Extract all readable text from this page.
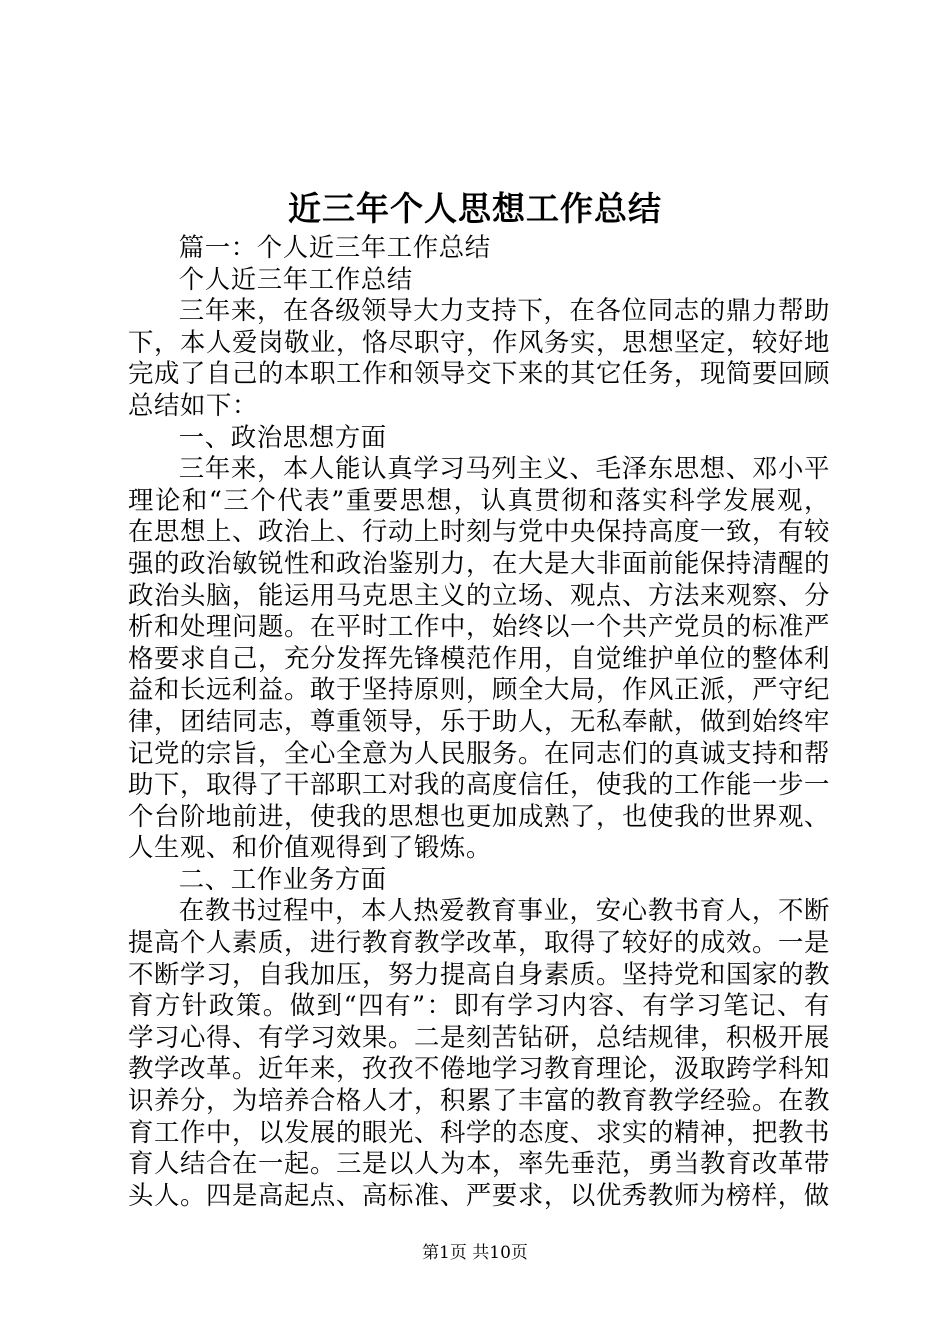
近三年个人思想工作总结

篇一：个人近三年工作总结

个人近三年工作总结

三年来，在各级领导大力支持下，在各位同志的鼎力帮助下，本人爱岗敬业，恪尽职守，作风务实，思想坚定，较好地完成了自己的本职工作和领导交下来的其它任务，现简要回顾总结如下：

一、政治思想方面

三年来，本人能认真学习马列主义、毛泽东思想、邓小平理论和“三个代表”重要思想，认真贯彻和落实科学发展观，在思想上、政治上、行动上时刻与党中央保持高度一致，有较强的政治敏锐性和政治鉴别力，在大是大非面前能保持清醒的政治头脑，能运用马克思主义的立场、观点、方法来观察、分析和处理问题。在平时工作中，始终以一个共产党员的标准严格要求自己，充分发挥先锋模范作用，自觉维护单位的整体利益和长远利益。敢于坚持原则，顾全大局，作风正派，严守纪律，团结同志，尊重领导，乐于助人，无私奉献，做到始终牢记党的宗旨，全心全意为人民服务。在同志们的真诚支持和帮助下，取得了干部职工对我的高度信任，使我的工作能一步一个台阶地前进，使我的思想也更加成熟了，也使我的世界观、人生观、和价值观得到了锻炼。

二、工作业务方面

在教书过程中，本人热爱教育事业，安心教书育人，不断提高个人素质，进行教育教学改革，取得了较好的成效。一是不断学习，自我加压，努力提高自身素质。坚持党和国家的教育方针政策。做到“四有”：即有学习内容、有学习笔记、有学习心得、有学习效果。二是刻苦钻研，总结规律，积极开展教学改革。近年来，孜孜不倦地学习教育理论，汲取跨学科知识养分，为培养合格人才，积累了丰富的教育教学经验。在教育工作中，以发展的眼光、科学的态度、求实的精神，把教书育人结合在一起。三是以人为本，率先垂范，勇当教育改革带头人。四是高起点、高标准、严要求，以优秀教师为榜样，做

第1页 共10页
